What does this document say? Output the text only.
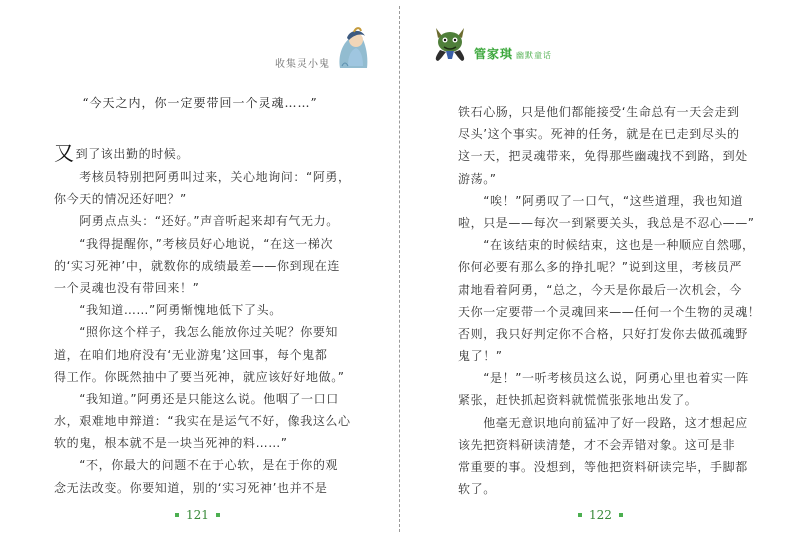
收集灵小鬼
“今天之内，你一定要带回一个灵魂……”
又到了该出勤的时候。
　　考核员特别把阿勇叫过来，关心地询问：“阿勇，
你今天的情况还好吧？”
　　阿勇点点头：“还好。”声音听起来却有气无力。
　　“我得提醒你，”考核员好心地说，“在这一梯次
的‘实习死神’中，就数你的成绩最差——你到现在连
一个灵魂也没有带回来！”
　　“我知道……”阿勇惭愧地低下了头。
　　“照你这个样子，我怎么能放你过关呢？你要知
道，在咱们地府没有‘无业游鬼’这回事，每个鬼都
得工作。你既然抽中了要当死神，就应该好好地做。”
　　“我知道。”阿勇还是只能这么说。他咽了一口口
水，艰难地申辩道：“我实在是运气不好，像我这么心
软的鬼，根本就不是一块当死神的料……”
　　“不，你最大的问题不在于心软，是在于你的观
念无法改变。你要知道，别的‘实习死神’也并不是
121
管家琪 幽默童话
122
铁石心肠，只是他们都能接受‘生命总有一天会走到
尽头’这个事实。死神的任务，就是在已走到尽头的
这一天，把灵魂带来，免得那些幽魂找不到路，到处
游荡。”
　　“唉！”阿勇叹了一口气，“这些道理，我也知道
啦，只是——每次一到紧要关头，我总是不忍心——”
　　“在该结束的时候结束，这也是一种顺应自然哪，
你何必要有那么多的挣扎呢？”说到这里，考核员严
肃地看着阿勇，“总之，今天是你最后一次机会，今
天你一定要带一个灵魂回来——任何一个生物的灵魂！
否则，我只好判定你不合格，只好打发你去做孤魂野
鬼了！”
　　“是！”一听考核员这么说，阿勇心里也着实一阵
紧张，赶快抓起资料就慌慌张张地出发了。
　　他毫无意识地向前猛冲了好一段路，这才想起应
该先把资料研读清楚，才不会弄错对象。这可是非
常重要的事。没想到，等他把资料研读完毕，手脚都
软了。
